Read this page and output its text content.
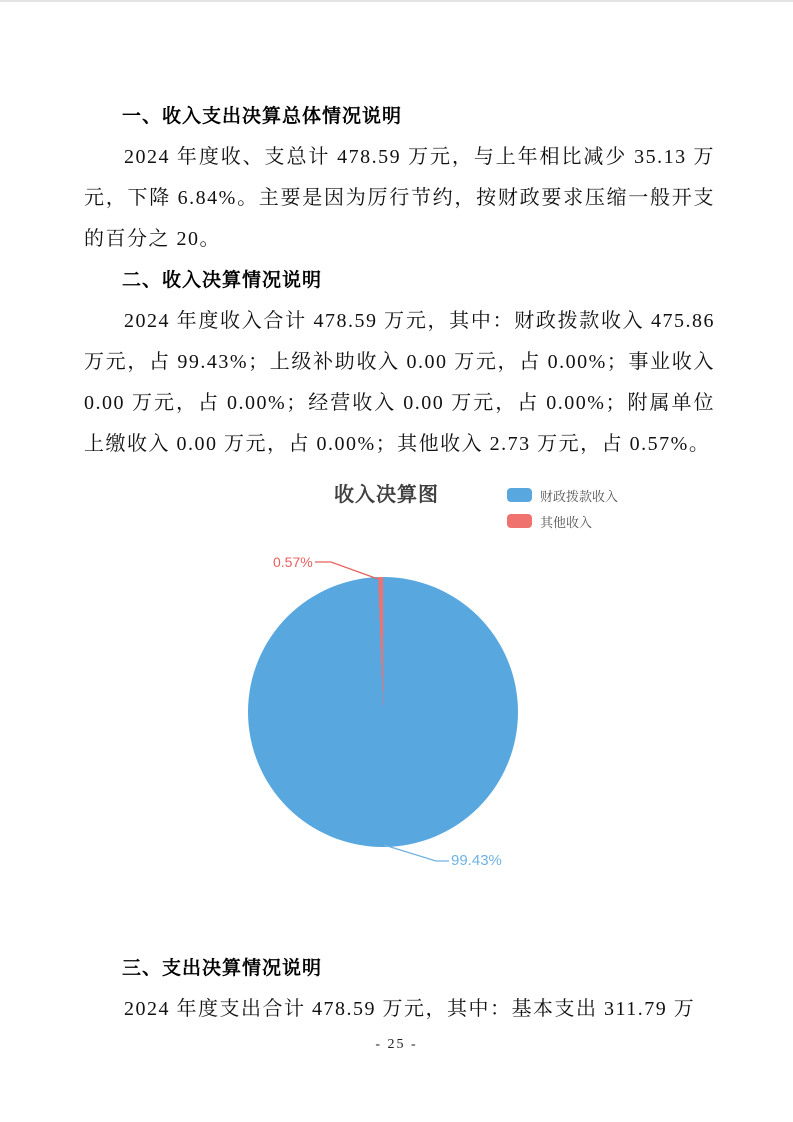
一、收入支出决算总体情况说明

2024 年度收、支总计 478.59 万元，与上年相比减少 35.13 万元，下降 6.84%。主要是因为厉行节约，按财政要求压缩一般开支的百分之 20。

二、收入决算情况说明

2024 年度收入合计 478.59 万元，其中：财政拨款收入 475.86 万元，占 99.43%；上级补助收入 0.00 万元，占 0.00%；事业收入 0.00 万元，占 0.00%；经营收入 0.00 万元，占 0.00%；附属单位上缴收入 0.00 万元，占 0.00%；其他收入 2.73 万元，占 0.57%。

收入决算图	财政拨款收入
其他收入
0.57%
99.43%
三、支出决算情况说明

2024 年度支出合计 478.59 万元，其中：基本支出 311.79 万

- 25 -
